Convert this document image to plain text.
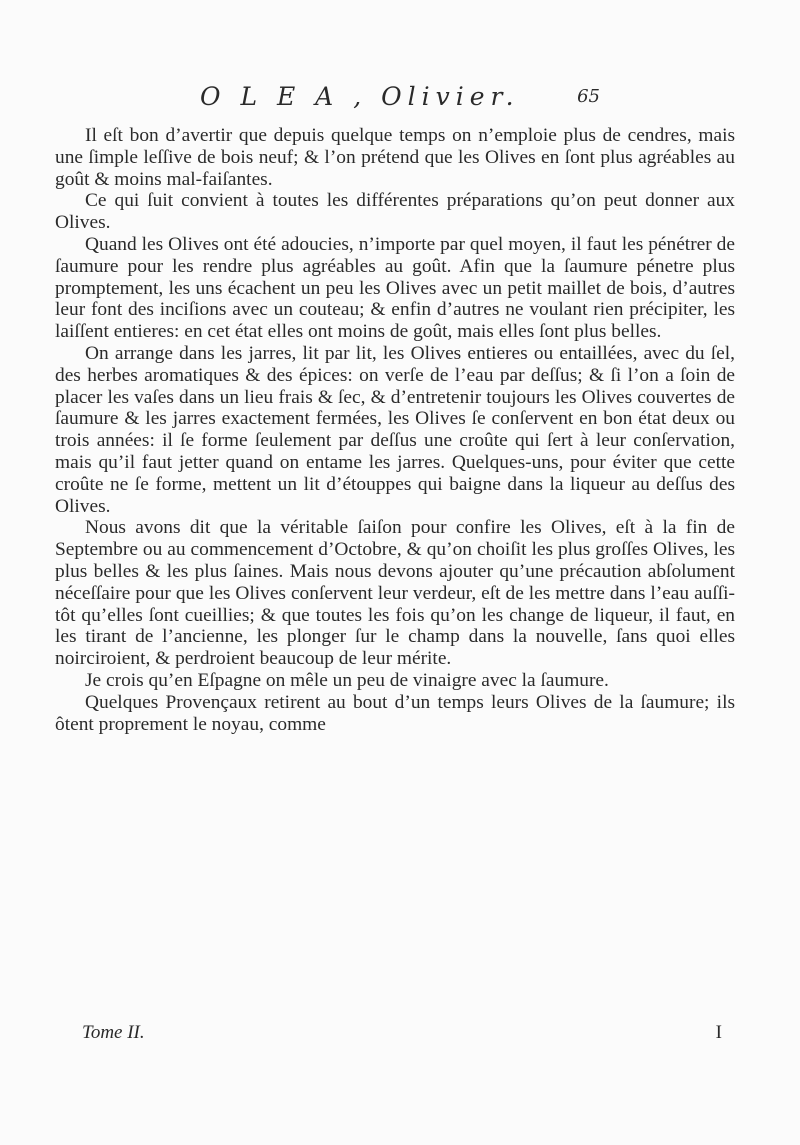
O L E A , Olivier.	65

Il eſt bon d’avertir que depuis quelque temps on n’emploie plus de cendres, mais une ſimple leſſive de bois neuf; & l’on prétend que les Olives en ſont plus agréables au goût & moins mal-faiſantes.

Ce qui ſuit convient à toutes les différentes préparations qu’on peut donner aux Olives.

Quand les Olives ont été adoucies, n’importe par quel moyen, il faut les pénétrer de ſaumure pour les rendre plus agréables au goût. Afin que la ſaumure pénetre plus promptement, les uns écachent un peu les Olives avec un petit maillet de bois, d’autres leur font des inciſions avec un couteau; & enfin d’autres ne voulant rien précipiter, les laiſſent entieres: en cet état elles ont moins de goût, mais elles ſont plus belles.

On arrange dans les jarres, lit par lit, les Olives entieres ou entaillées, avec du ſel, des herbes aromatiques & des épices: on verſe de l’eau par deſſus; & ſi l’on a ſoin de placer les vaſes dans un lieu frais & ſec, & d’entretenir toujours les Olives couvertes de ſaumure & les jarres exactement fermées, les Olives ſe conſervent en bon état deux ou trois années: il ſe forme ſeulement par deſſus une croûte qui ſert à leur conſervation, mais qu’il faut jetter quand on entame les jarres. Quelques-uns, pour éviter que cette croûte ne ſe forme, mettent un lit d’étouppes qui baigne dans la liqueur au deſſus des Olives.

Nous avons dit que la véritable ſaiſon pour confire les Olives, eſt à la fin de Septembre ou au commencement d’Octobre, & qu’on choiſit les plus groſſes Olives, les plus belles & les plus ſaines. Mais nous devons ajouter qu’une précaution abſolument néceſſaire pour que les Olives conſervent leur verdeur, eſt de les mettre dans l’eau auſſi-tôt qu’elles ſont cueillies; & que toutes les fois qu’on les change de liqueur, il faut, en les tirant de l’ancienne, les plonger ſur le champ dans la nouvelle, ſans quoi elles noirciroient, & perdroient beaucoup de leur mérite.

Je crois qu’en Eſpagne on mêle un peu de vinaigre avec la ſaumure.

Quelques Provençaux retirent au bout d’un temps leurs Olives de la ſaumure; ils ôtent proprement le noyau, comme

Tome II.	I
